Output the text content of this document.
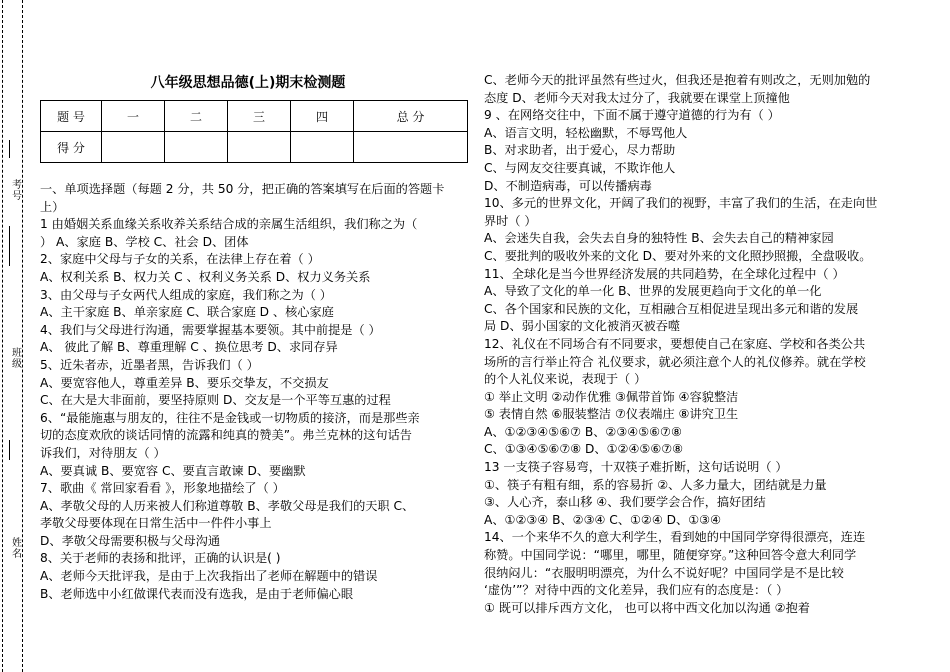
考号
班级
姓名
八年级思想品德(上)期末检测题
题 号	一	二	三	四	总 分
得 分					

一、单项选择题（每题 2 分，共 50 分，把正确的答案填写在后面的答题卡

上）

1 由婚姻关系血缘关系收养关系结合成的亲属生活组织，我们称之为（

） A、家庭 B、学校 C、社会 D、团体

2、家庭中父母与子女的关系，在法律上存在着（ ）

A、权利关系 B、权力关 C 、权利义务关系 D、权力义务关系

3、由父母与子女两代人组成的家庭，我们称之为（ ）

A、主干家庭 B、单亲家庭 C、联合家庭 D 、核心家庭

4、我们与父母进行沟通，需要掌握基本要领。其中前提是（ ）

A、 彼此了解 B、尊重理解 C 、换位思考 D、求同存异

5、近朱者赤，近墨者黑，告诉我们（ ）

A、要宽容他人，尊重差异 B、要乐交挚友，不交损友

C、在大是大非面前，要坚持原则 D、交友是一个平等互惠的过程

6、“最能施惠与朋友的，往往不是金钱或一切物质的接济，而是那些亲

切的态度欢欣的谈话同情的流露和纯真的赞美”。弗兰克林的这句话告

诉我们，对待朋友（ ）

A、要真诚 B、要宽容 C、要直言敢谏 D、要幽默

7、歌曲《 常回家看看 》，形象地描绘了（ ）

A、孝敬父母的人历来被人们称道尊敬 B、孝敬父母是我们的天职 C、

孝敬父母要体现在日常生活中一件件小事上

D、孝敬父母需要积极与父母沟通

8、关于老师的表扬和批评，正确的认识是( )

A、老师今天批评我，是由于上次我指出了老师在解题中的错误

B、老师选中小红做课代表而没有选我，是由于老师偏心眼

C、老师今天的批评虽然有些过火，但我还是抱着有则改之，无则加勉的

态度 D、老师今天对我太过分了，我就要在课堂上顶撞他

9 、在网络交往中，下面不属于遵守道德的行为有（ ）

A、语言文明，轻松幽默，不辱骂他人

B、对求助者，出于爱心，尽力帮助

C、与网友交往要真诚，不欺诈他人

D、不制造病毒，可以传播病毒

10、多元的世界文化，开阔了我们的视野，丰富了我们的生活，在走向世

界时（ ）

A、会迷失自我，会失去自身的独特性 B、会失去自己的精神家园

C、要批判的吸收外来的文化 D、要对外来的文化照抄照搬，全盘吸收。

11、全球化是当今世界经济发展的共同趋势，在全球化过程中（ ）

A、导致了文化的单一化 B、世界的发展更趋向于文化的单一化

C、各个国家和民族的文化，互相融合互相促进呈现出多元和谐的发展

局 D、弱小国家的文化被消灭被吞噬

12、礼仪在不同场合有不同要求，要想使自己在家庭、学校和各类公共

场所的言行举止符合 礼仪要求，就必须注意个人的礼仪修养。就在学校

的个人礼仪来说，表现于（ ）

① 举止文明 ②动作优雅 ③佩带首饰 ④容貌整洁

⑤ 表情自然 ⑥服装整洁 ⑦仪表端庄 ⑧讲究卫生

A、①②③④⑤⑥⑦ B、②③④⑤⑥⑦⑧

C、①③④⑤⑥⑦⑧ D、①②④⑤⑥⑦⑧

13 一支筷子容易弯，十双筷子难折断，这句话说明（ ）

①、筷子有粗有细，系的容易折 ②、人多力量大，团结就是力量

③、人心齐，泰山移 ④、我们要学会合作，搞好团结

A、①②③④ B、②③④ C、①②④ D、①③④

14、一个来华不久的意大利学生，看到她的中国同学穿得很漂亮，连连

称赞。中国同学说：“哪里，哪里，随便穿穿。”这种回答令意大利同学

很纳闷儿：“衣服明明漂亮，为什么不说好呢？中国同学是不是比较

‘虚伪’”？对待中西的文化差异，我们应有的态度是：（ ）

① 既可以排斥西方文化， 也可以将中西文化加以沟通 ②抱着
